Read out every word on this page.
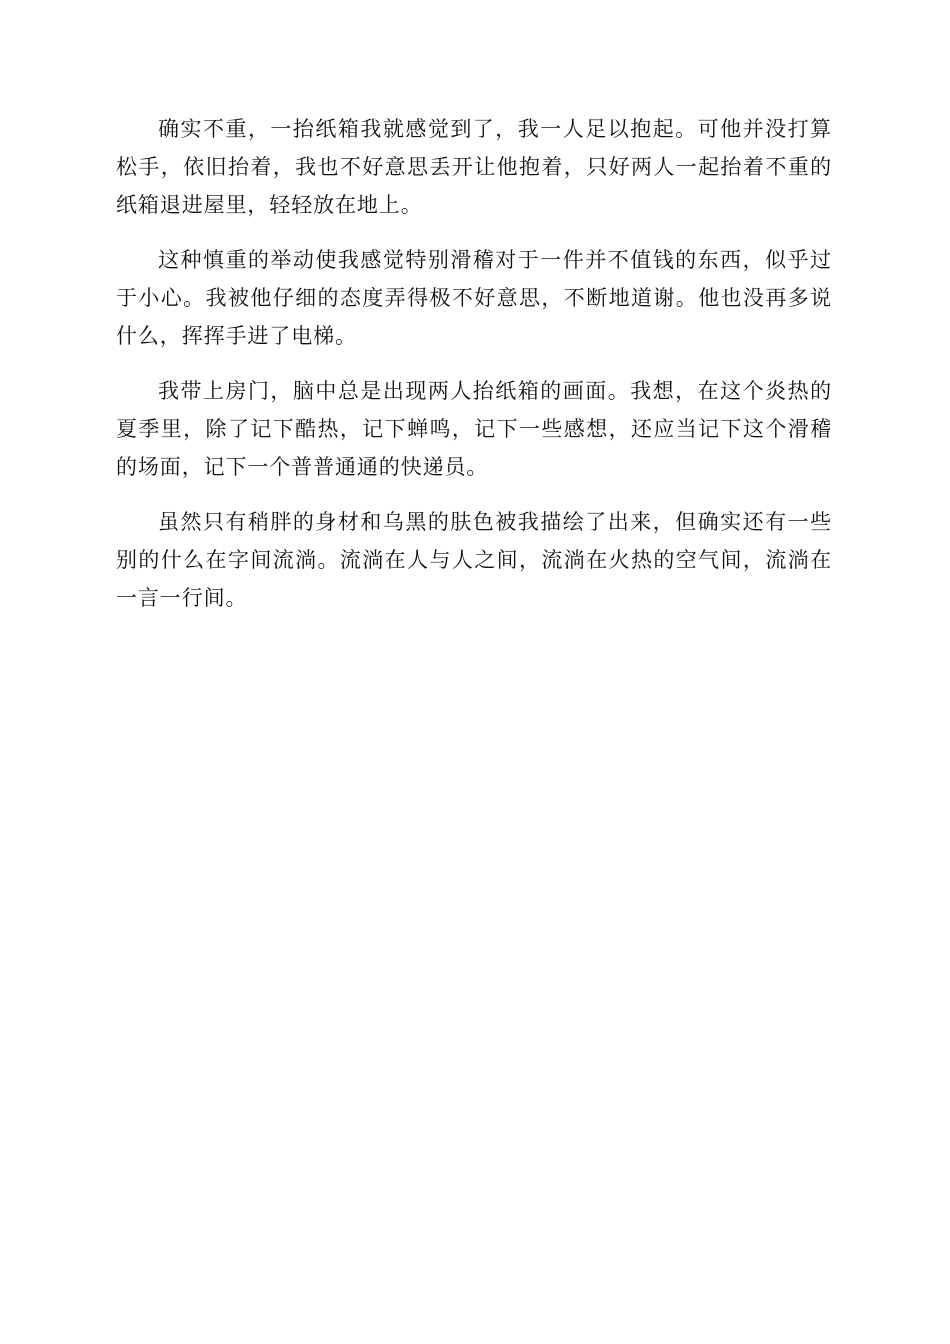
确实不重，一抬纸箱我就感觉到了，我一人足以抱起。可他并没打算松手，依旧抬着，我也不好意思丢开让他抱着，只好两人一起抬着不重的纸箱退进屋里，轻轻放在地上。

这种慎重的举动使我感觉特别滑稽对于一件并不值钱的东西，似乎过于小心。我被他仔细的态度弄得极不好意思，不断地道谢。他也没再多说什么，挥挥手进了电梯。

我带上房门，脑中总是出现两人抬纸箱的画面。我想，在这个炎热的夏季里，除了记下酷热，记下蝉鸣，记下一些感想，还应当记下这个滑稽的场面，记下一个普普通通的快递员。

虽然只有稍胖的身材和乌黑的肤色被我描绘了出来，但确实还有一些别的什么在字间流淌。流淌在人与人之间，流淌在火热的空气间，流淌在一言一行间。
